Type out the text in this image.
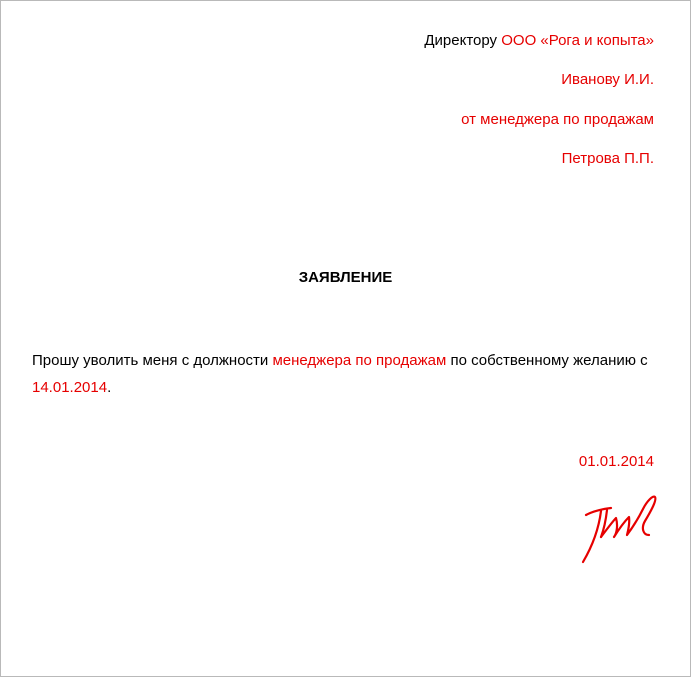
Директору ООО «Рога и копыта»
Иванову И.И.
от менеджера по продажам
Петрова П.П.
ЗАЯВЛЕНИЕ
Прошу уволить меня с должности менеджера по продажам по собственному желанию с 14.01.2014.
01.01.2014
